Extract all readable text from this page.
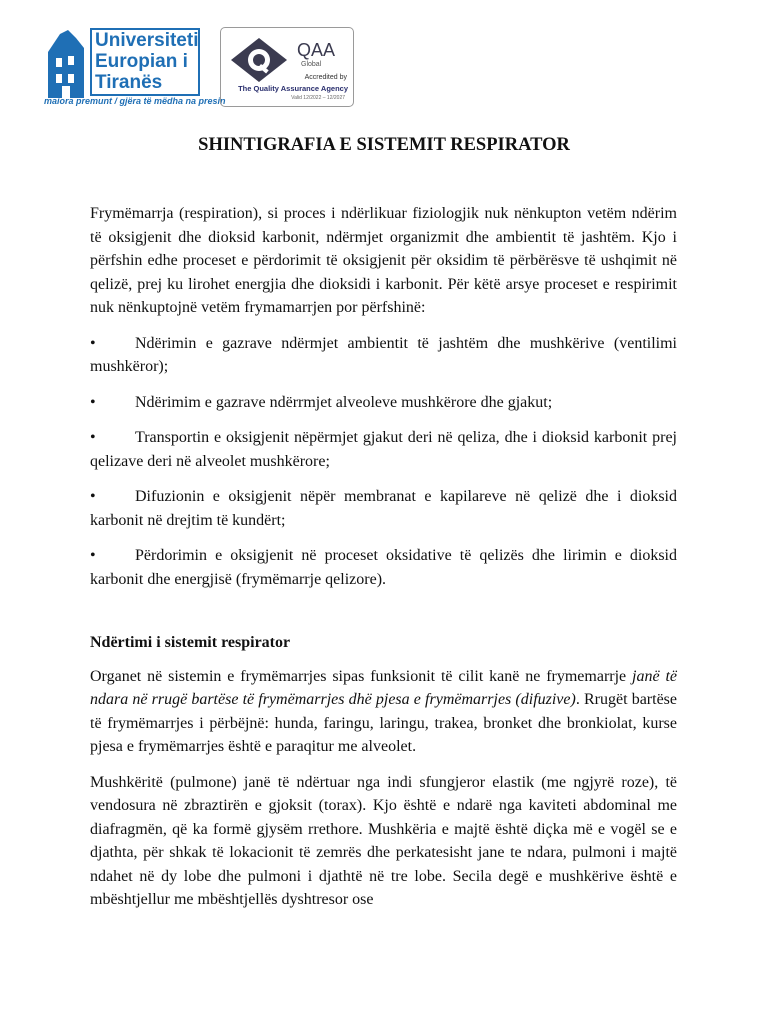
Universiteti
Europian i
Tiranës
maiora premunt / gjëra të mëdha na presin
QAA
Global
Accredited by
The Quality Assurance Agency
Valid 12/2022 – 12/2027
SHINTIGRAFIA E SISTEMIT RESPIRATOR

Frymëmarrja (respiration), si proces i ndërlikuar fiziologjik nuk nënkupton vetëm ndërim të oksigjenit dhe dioksid karbonit, ndërmjet organizmit dhe ambientit të jashtëm. Kjo i përfshin edhe proceset e përdorimit të oksigjenit për oksidim të përbërësve të ushqimit në qelizë, prej ku lirohet energjia dhe dioksidi i karbonit. Për këtë arsye proceset e respirimit nuk nënkuptojnë vetëm frymamarrjen por përfshinë:

• Ndërimin e gazrave ndërmjet ambientit të jashtëm dhe mushkërive (ventilimi mushkëror);

• Ndërimim e gazrave ndërrmjet alveoleve mushkërore dhe gjakut;

• Transportin e oksigjenit nëpërmjet gjakut deri në qeliza, dhe i dioksid karbonit prej qelizave deri në alveolet mushkërore;

• Difuzionin e oksigjenit nëpër membranat e kapilareve në qelizë dhe i dioksid karbonit në drejtim të kundërt;

• Përdorimin e oksigjenit në proceset oksidative të qelizës dhe lirimin e dioksid karbonit dhe energjisë (frymëmarrje qelizore).

Ndërtimi i sistemit respirator

Organet në sistemin e frymëmarrjes sipas funksionit të cilit kanë ne frymemarrje janë të ndara në rrugë bartëse të frymëmarrjes dhë pjesa e frymëmarrjes (difuzive). Rrugët bartëse të frymëmarrjes i përbëjnë: hunda, faringu, laringu, trakea, bronket dhe bronkiolat, kurse pjesa e frymëmarrjes është e paraqitur me alveolet.

Mushkëritë (pulmone) janë të ndërtuar nga indi sfungjeror elastik (me ngjyrë roze), të vendosura në zbraztirën e gjoksit (torax). Kjo është e ndarë nga kaviteti abdominal me diafragmën, që ka formë gjysëm rrethore. Mushkëria e majtë është diçka më e vogël se e djathta, për shkak të lokacionit të zemrës dhe perkatesisht jane te ndara, pulmoni i majtë ndahet në dy lobe dhe pulmoni i djathtë në tre lobe. Secila degë e mushkërive është e mbështjellur me mbështjellës dyshtresor ose
